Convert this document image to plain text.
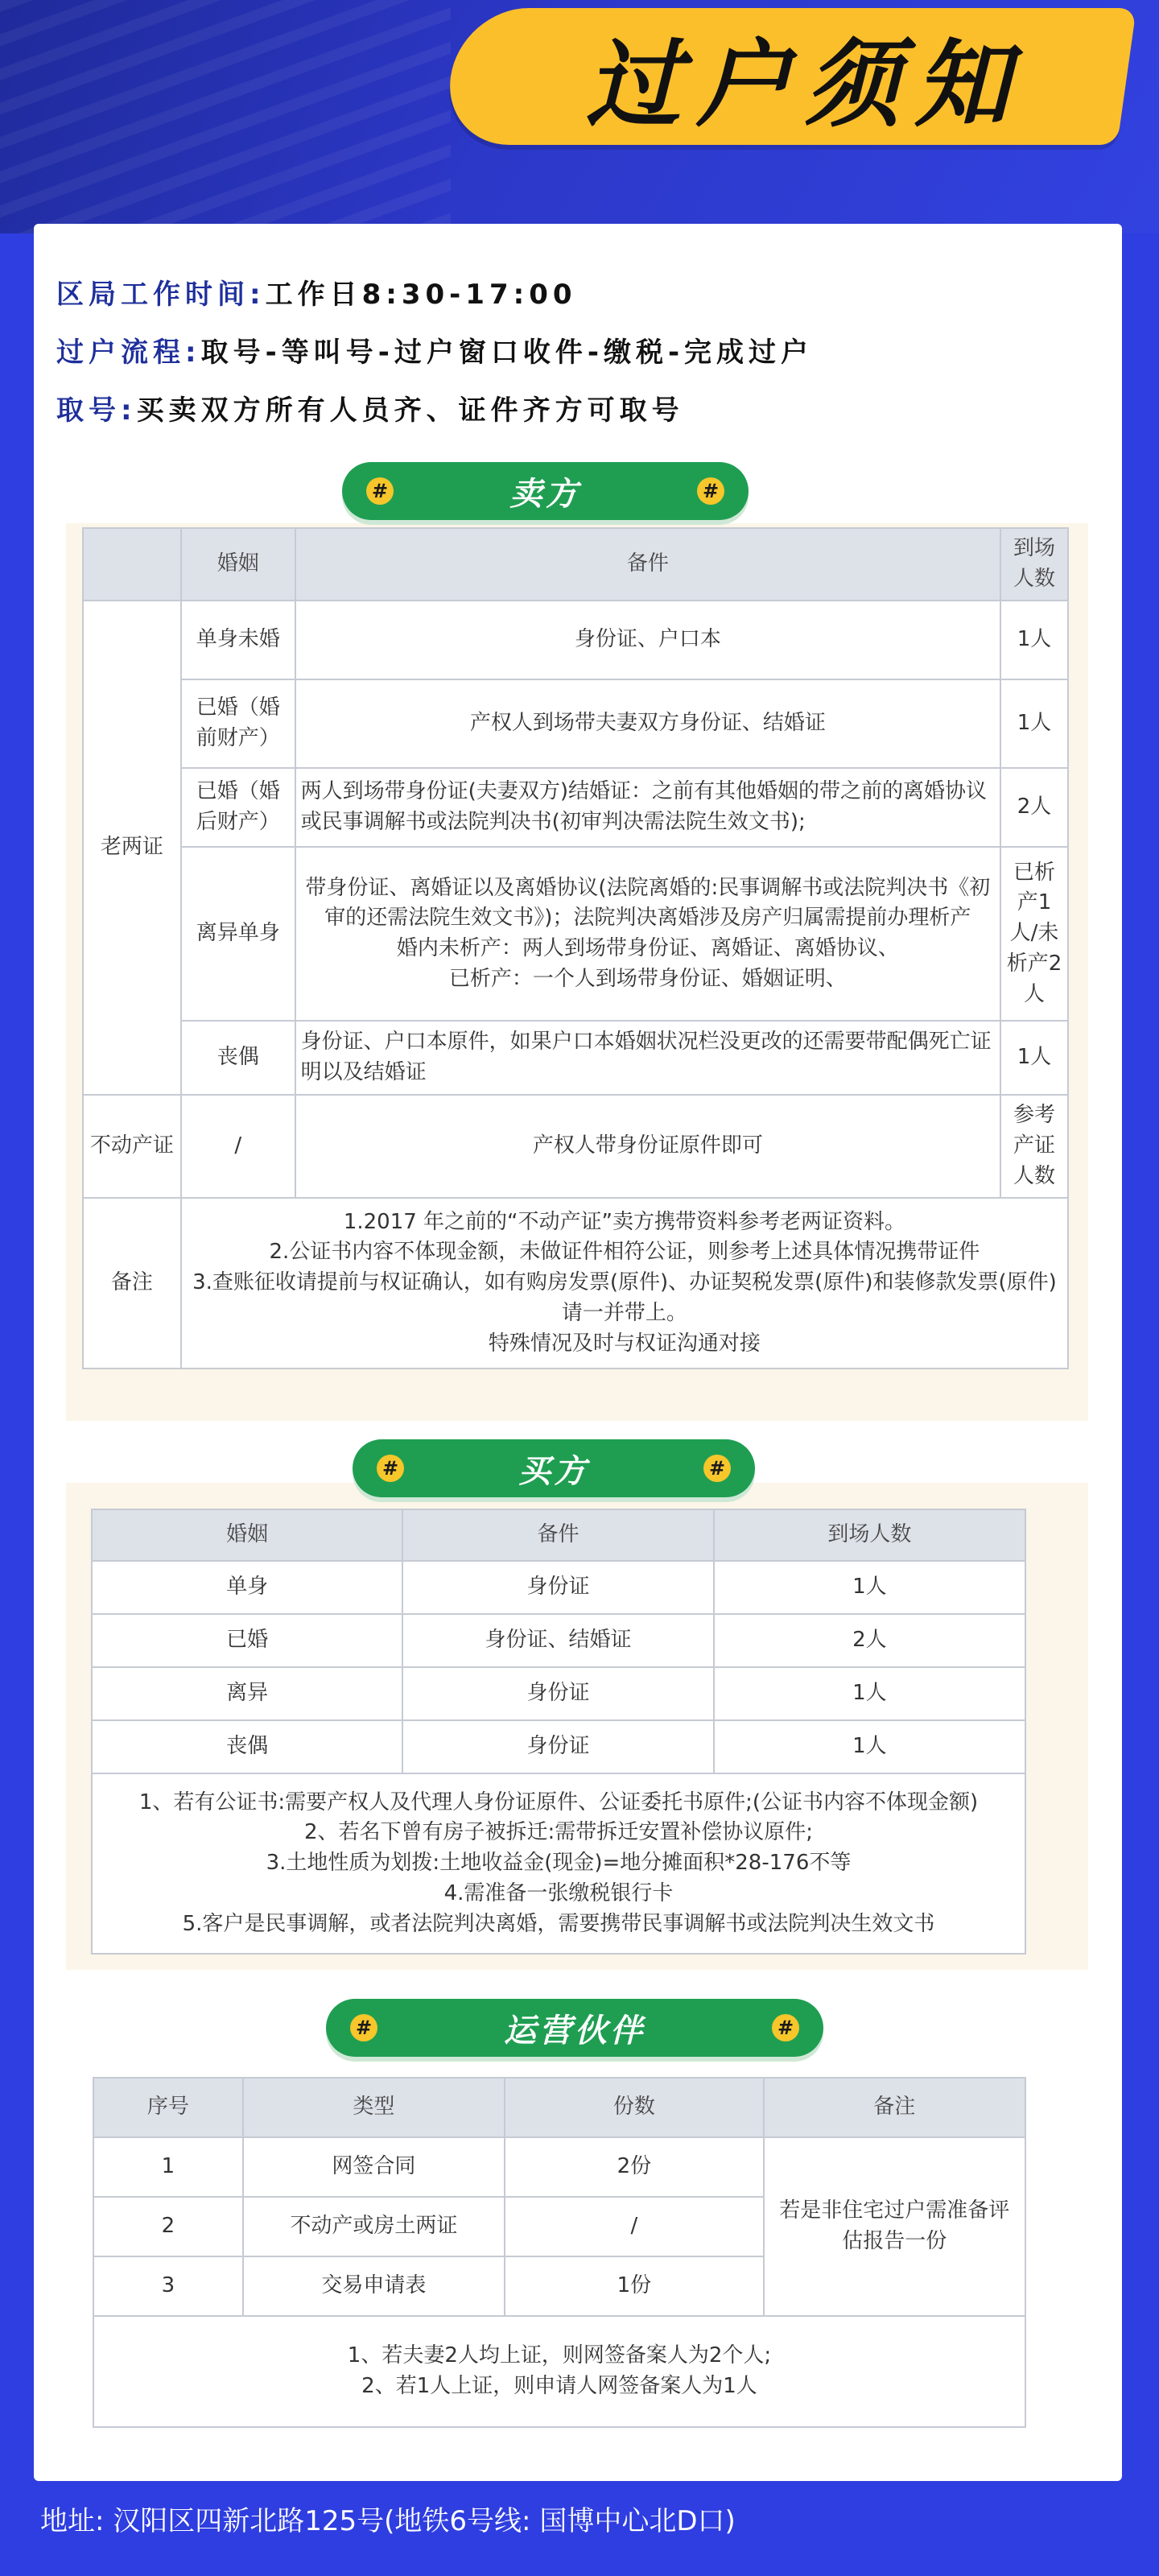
过户须知
区局工作时间:工作日8:30-17:00
过户流程:取号-等叫号-过户窗口收件-缴税-完成过户
取号:买卖双方所有人员齐、证件齐方可取号
#	卖方	#
	婚姻	备件	到场人数
老两证	单身未婚	身份证、户口本	1人
	已婚（婚前财产）	产权人到场带夫妻双方身份证、结婚证	1人
	已婚（婚后财产）	两人到场带身份证(夫妻双方)结婚证：之前有其他婚姻的带之前的离婚协议或民事调解书或法院判决书(初审判决需法院生效文书);	2人
	离异单身	带身份证、离婚证以及离婚协议(法院离婚的:民事调解书或法院判决书《初审的还需法院生效文书》)；法院判决离婚涉及房产归属需提前办理析产
婚内未析产：两人到场带身份证、离婚证、离婚协议、
已析产：一个人到场带身份证、婚姻证明、	已析产1人/未析产2人
	丧偶	身份证、户口本原件，如果户口本婚姻状况栏没更改的还需要带配偶死亡证明以及结婚证	1人
不动产证	/	产权人带身份证原件即可	参考产证人数
备注	1.2017 年之前的“不动产证”卖方携带资料参考老两证资料。
2.公证书内容不体现金额，未做证件相符公证，则参考上述具体情况携带证件
3.查账征收请提前与权证确认，如有购房发票(原件)、办证契税发票(原件)和装修款发票(原件)请一并带上。
特殊情况及时与权证沟通对接		
#	买方	#
婚姻	备件	到场人数
单身	身份证	1人
已婚	身份证、结婚证	2人
离异	身份证	1人
丧偶	身份证	1人

1、若有公证书:需要产权人及代理人身份证原件、公证委托书原件;(公证书内容不体现金额)
2、若名下曾有房子被拆迁:需带拆迁安置补偿协议原件;
3.土地性质为划拨:土地收益金(现金)=地分摊面积*28-176不等
4.需准备一张缴税银行卡
5.客户是民事调解，或者法院判决离婚，需要携带民事调解书或法院判决生效文书		
#	运营伙伴	#
序号	类型	份数	备注
1	网签合同	2份	若是非住宅过户需准备评估报告一份
2	不动产或房土两证	/	
3	交易申请表	1份	

1、若夫妻2人均上证，则网签备案人为2个人;
2、若1人上证，则申请人网签备案人为1人			
地址: 汉阳区四新北路125号(地铁6号线: 国博中心北D口)
